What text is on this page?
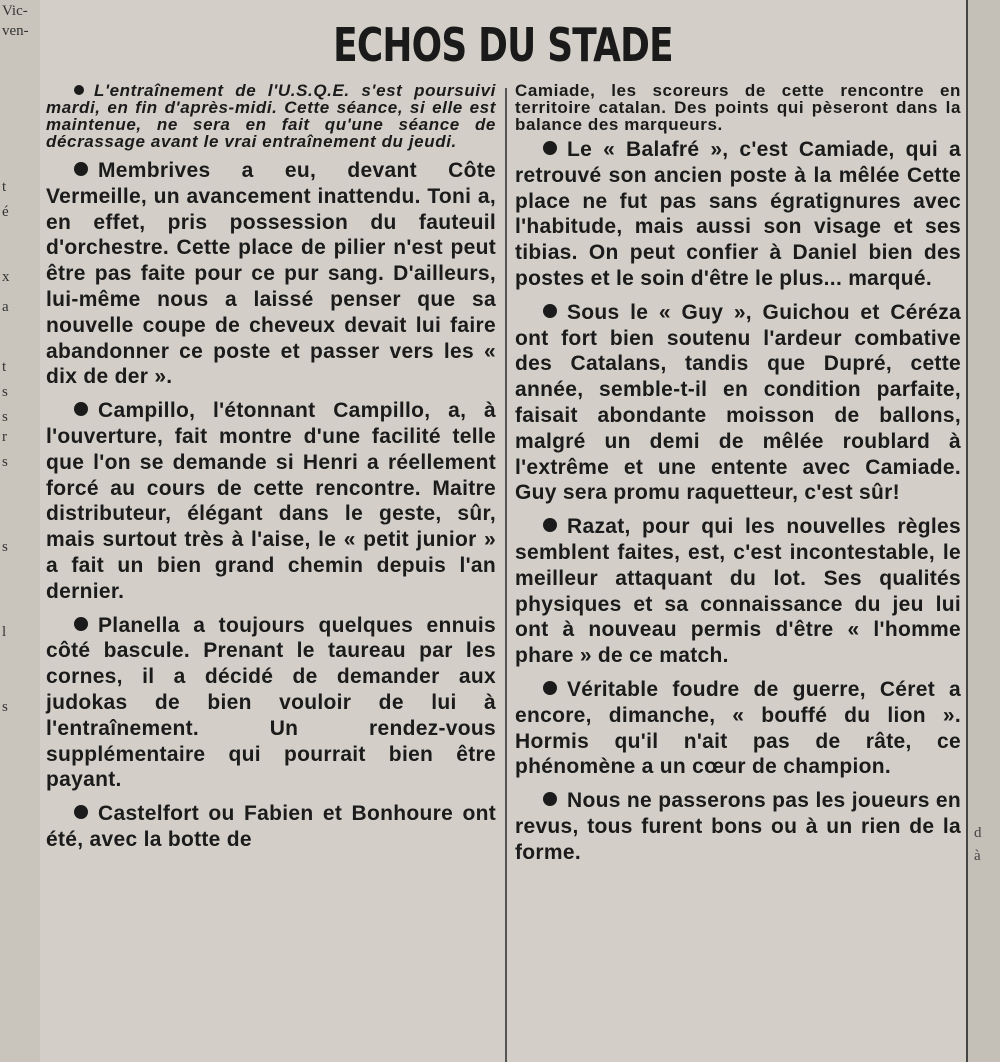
Vic-
ven-
t
é
x
a
t
s
s
r
s
s
l
s
ECHOS DU STADE

L'entraînement de l'U.S.Q.E. s'est poursuivi mardi, en fin d'après-midi. Cette séance, si elle est maintenue, ne sera en fait qu'une séance de décrassage avant le vrai entraînement du jeudi.

Membrives a eu, devant Côte Vermeille, un avancement inattendu. Toni a, en effet, pris possession du fauteuil d'orchestre. Cette place de pilier n'est peut être pas faite pour ce pur sang. D'ailleurs, lui-même nous a laissé penser que sa nouvelle coupe de cheveux devait lui faire abandonner ce poste et passer vers les « dix de der ».

Campillo, l'étonnant Campillo, a, à l'ouverture, fait montre d'une facilité telle que l'on se demande si Henri a réellement forcé au cours de cette rencontre. Maitre distributeur, élégant dans le geste, sûr, mais surtout très à l'aise, le « petit junior » a fait un bien grand chemin depuis l'an dernier.

Planella a toujours quelques ennuis côté bascule. Prenant le taureau par les cornes, il a décidé de demander aux judokas de bien vouloir de lui à l'entraînement. Un rendez-vous supplémentaire qui pourrait bien être payant.

Castelfort ou Fabien et Bonhoure ont été, avec la botte de

Camiade, les scoreurs de cette rencontre en territoire catalan. Des points qui pèseront dans la balance des marqueurs.

Le « Balafré », c'est Camiade, qui a retrouvé son ancien poste à la mêlée Cette place ne fut pas sans égratignures avec l'habitude, mais aussi son visage et ses tibias. On peut confier à Daniel bien des postes et le soin d'être le plus... marqué.

Sous le « Guy », Guichou et Céréza ont fort bien soutenu l'ardeur combative des Catalans, tandis que Dupré, cette année, semble-t-il en condition parfaite, faisait abondante moisson de ballons, malgré un demi de mêlée roublard à l'extrême et une entente avec Camiade. Guy sera promu raquetteur, c'est sûr!

Razat, pour qui les nouvelles règles semblent faites, est, c'est incontestable, le meilleur attaquant du lot. Ses qualités physiques et sa connaissance du jeu lui ont à nouveau permis d'être « l'homme phare » de ce match.

Véritable foudre de guerre, Céret a encore, dimanche, « bouffé du lion ». Hormis qu'il n'ait pas de râte, ce phénomène a un cœur de champion.

Nous ne passerons pas les joueurs en revus, tous furent bons ou à un rien de la forme.	à
d
